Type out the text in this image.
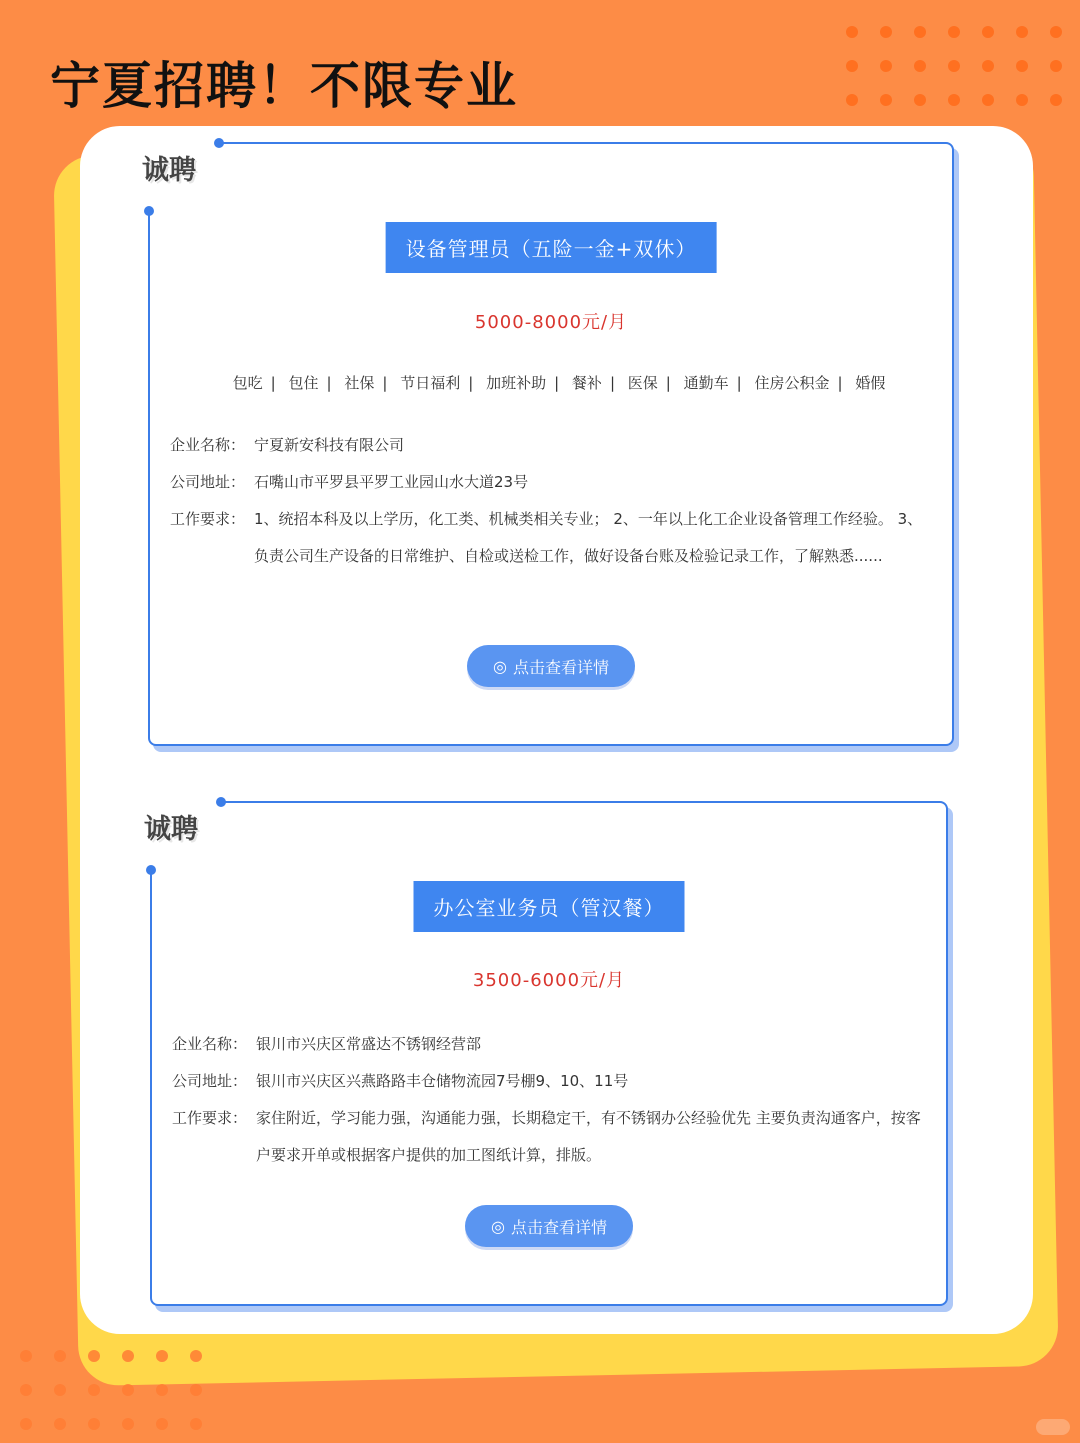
宁夏招聘！不限专业
诚聘
设备管理员（五险一金+双休）
5000-8000元/月
包吃 | 包住 | 社保 | 节日福利 | 加班补助 | 餐补 | 医保 | 通勤车 | 住房公积金 | 婚假
企业名称： 宁夏新安科技有限公司
公司地址： 石嘴山市平罗县平罗工业园山水大道23号
工作要求： 1、统招本科及以上学历，化工类、机械类相关专业； 2、一年以上化工企业设备管理工作经验。 3、负责公司生产设备的日常维护、自检或送检工作，做好设备台账及检验记录工作，了解熟悉......
◎ 点击查看详情
诚聘
办公室业务员（管汉餐）
3500-6000元/月
企业名称： 银川市兴庆区常盛达不锈钢经营部
公司地址： 银川市兴庆区兴燕路路丰仓储物流园7号棚9、10、11号
工作要求： 家住附近，学习能力强，沟通能力强，长期稳定干，有不锈钢办公经验优先 主要负责沟通客户，按客户要求开单或根据客户提供的加工图纸计算，排版。
◎ 点击查看详情
